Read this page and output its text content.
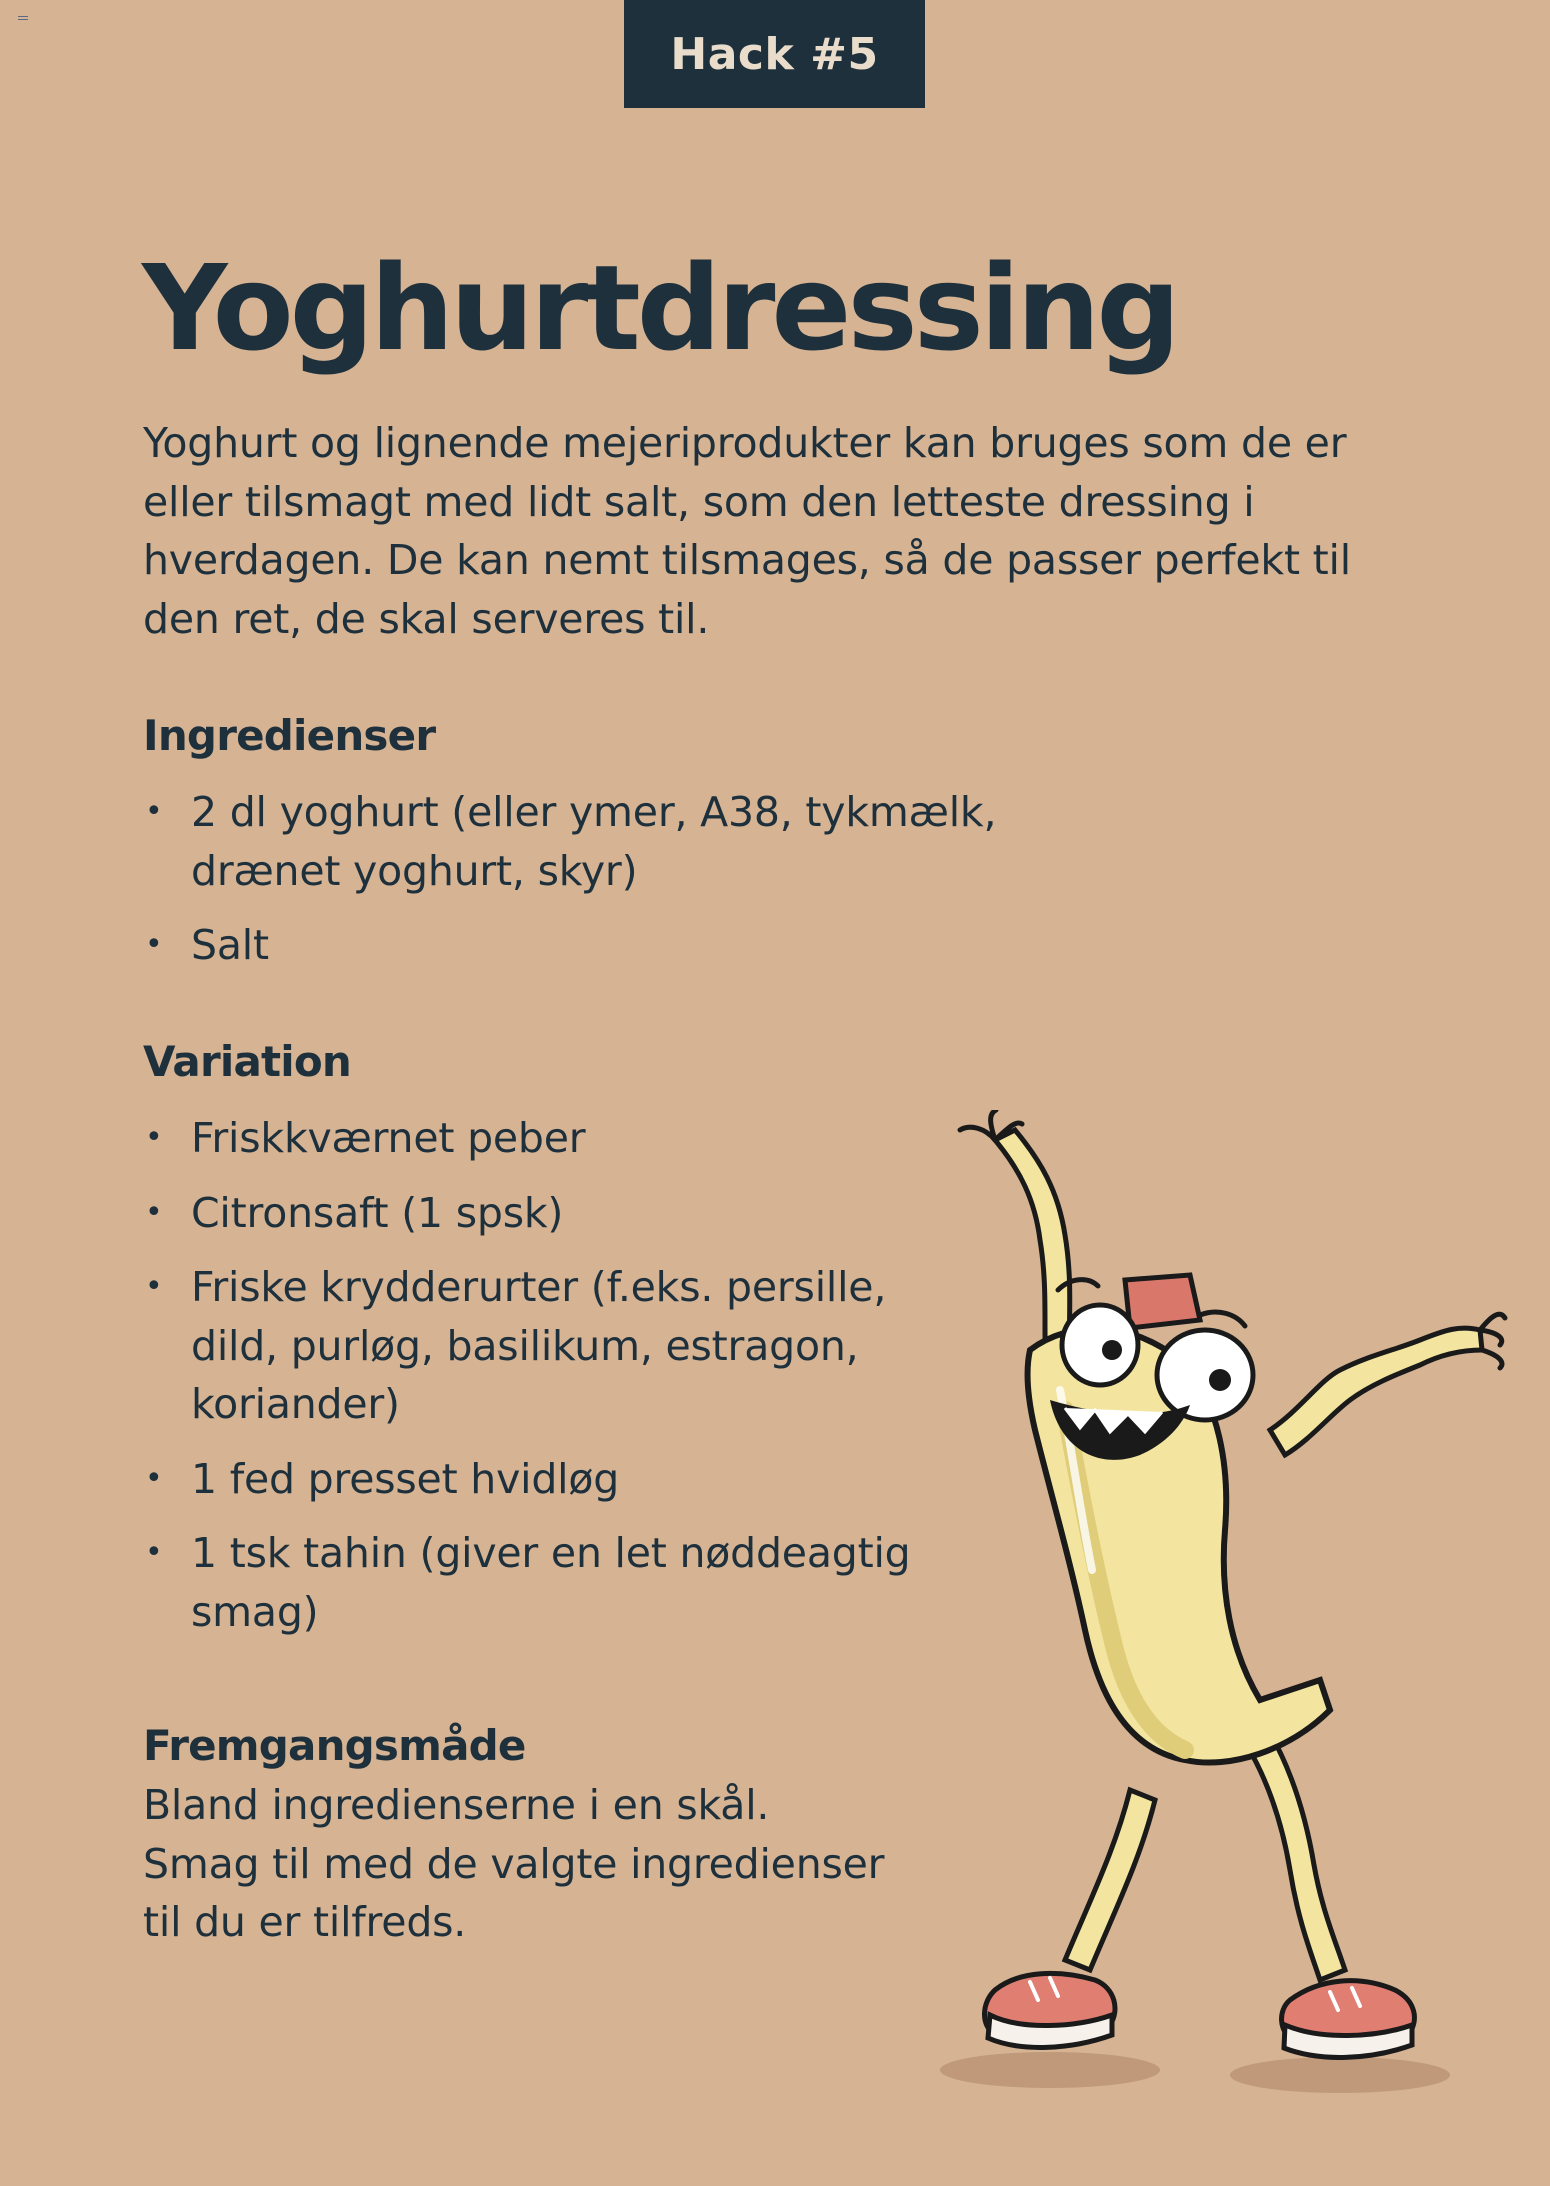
Hack #5
Yoghurtdressing

Yoghurt og lignende mejeriprodukter kan bruges som de er eller tilsmagt med lidt salt, som den letteste dressing i hverdagen. De kan nemt tilsmages, så de passer perfekt til den ret, de skal serveres til.

Ingredienser
• 2 dl yoghurt (eller ymer, A38, tykmælk, drænet yoghurt, skyr)
• Salt
Variation
• Friskkværnet peber
• Citronsaft (1 spsk)
• Friske krydderurter (f.eks. persille, dild, purløg, basilikum, estragon, koriander)
• 1 fed presset hvidløg
• 1 tsk tahin (giver en let nøddeagtig smag)
Fremgangsmåde

Bland ingredienserne i en skål.

Smag til med de valgte ingredienser

til du er tilfreds.
